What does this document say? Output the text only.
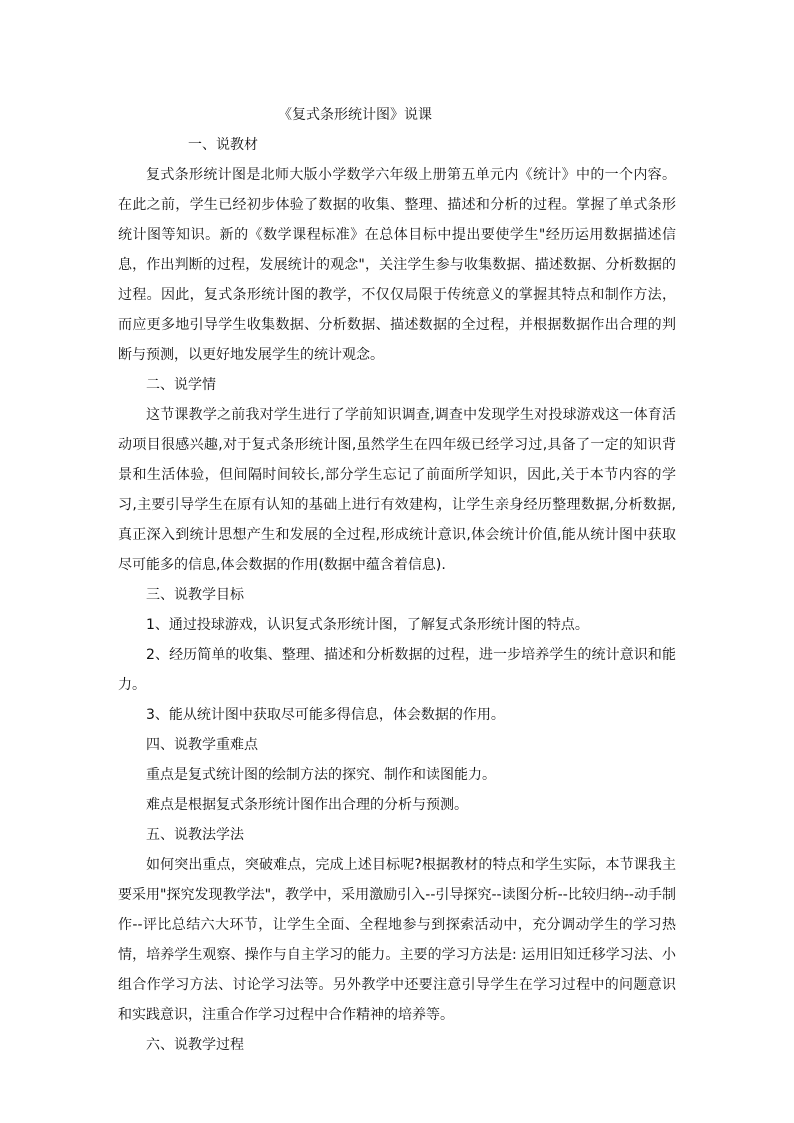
《复式条形统计图》说课

一、说教材

复式条形统计图是北师大版小学数学六年级上册第五单元内《统计》中的一个内容。在此之前，学生已经初步体验了数据的收集、整理、描述和分析的过程。掌握了单式条形统计图等知识。新的《数学课程标准》在总体目标中提出要使学生"经历运用数据描述信息，作出判断的过程，发展统计的观念"，关注学生参与收集数据、描述数据、分析数据的过程。因此，复式条形统计图的教学，不仅仅局限于传统意义的掌握其特点和制作方法，而应更多地引导学生收集数据、分析数据、描述数据的全过程，并根据数据作出合理的判断与预测，以更好地发展学生的统计观念。

二、说学情

这节课教学之前我对学生进行了学前知识调查,调查中发现学生对投球游戏这一体育活动项目很感兴趣,对于复式条形统计图,虽然学生在四年级已经学习过,具备了一定的知识背景和生活体验，但间隔时间较长,部分学生忘记了前面所学知识，因此,关于本节内容的学习,主要引导学生在原有认知的基础上进行有效建构，让学生亲身经历整理数据,分析数据,真正深入到统计思想产生和发展的全过程,形成统计意识,体会统计价值,能从统计图中获取尽可能多的信息,体会数据的作用(数据中蕴含着信息).

三、说教学目标

1、通过投球游戏，认识复式条形统计图，了解复式条形统计图的特点。

2、经历简单的收集、整理、描述和分析数据的过程，进一步培养学生的统计意识和能力。

3、能从统计图中获取尽可能多得信息，体会数据的作用。

四、说教学重难点

重点是复式统计图的绘制方法的探究、制作和读图能力。

难点是根据复式条形统计图作出合理的分析与预测。

五、说教法学法

如何突出重点，突破难点，完成上述目标呢?根据教材的特点和学生实际，本节课我主要采用"探究发现教学法"，教学中，采用激励引入--引导探究--读图分析--比较归纳--动手制作--评比总结六大环节，让学生全面、全程地参与到探索活动中，充分调动学生的学习热情，培养学生观察、操作与自主学习的能力。主要的学习方法是: 运用旧知迁移学习法、小组合作学习方法、讨论学习法等。另外教学中还要注意引导学生在学习过程中的问题意识和实践意识，注重合作学习过程中合作精神的培养等。

六、说教学过程
